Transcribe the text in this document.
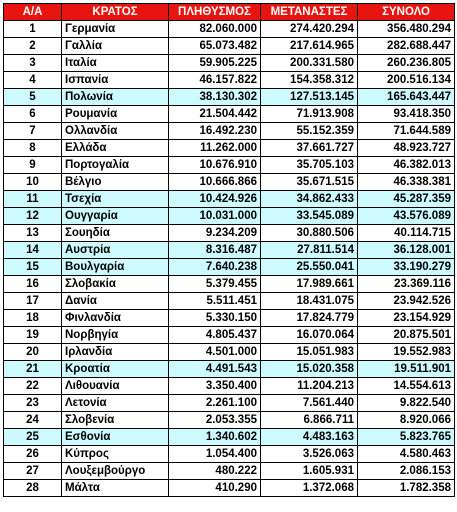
Α/Α	ΚΡΑΤΟΣ	ΠΛΗΘΥΣΜΟΣ	ΜΕΤΑΝΑΣΤΕΣ	ΣΥΝΟΛΟ
1	Γερμανία	82.060.000	274.420.294	356.480.294
2	Γαλλία	65.073.482	217.614.965	282.688.447
3	Ιταλία	59.905.225	200.331.580	260.236.805
4	Ισπανία	46.157.822	154.358.312	200.516.134
5	Πολωνία	38.130.302	127.513.145	165.643.447
6	Ρουμανία	21.504.442	71.913.908	93.418.350
7	Ολλανδία	16.492.230	55.152.359	71.644.589
8	Ελλάδα	11.262.000	37.661.727	48.923.727
9	Πορτογαλία	10.676.910	35.705.103	46.382.013
10	Βέλγιο	10.666.866	35.671.515	46.338.381
11	Τσεχία	10.424.926	34.862.433	45.287.359
12	Ουγγαρία	10.031.000	33.545.089	43.576.089
13	Σουηδία	9.234.209	30.880.506	40.114.715
14	Αυστρία	8.316.487	27.811.514	36.128.001
15	Βουλγαρία	7.640.238	25.550.041	33.190.279
16	Σλοβακία	5.379.455	17.989.661	23.369.116
17	Δανία	5.511.451	18.431.075	23.942.526
18	Φινλανδία	5.330.150	17.824.779	23.154.929
19	Νορβηγία	4.805.437	16.070.064	20.875.501
20	Ιρλανδία	4.501.000	15.051.983	19.552.983
21	Κροατία	4.491.543	15.020.358	19.511.901
22	Λιθουανία	3.350.400	11.204.213	14.554.613
23	Λετονία	2.261.100	7.561.440	9.822.540
24	Σλοβενία	2.053.355	6.866.711	8.920.066
25	Εσθονία	1.340.602	4.483.163	5.823.765
26	Κύπρος	1.054.400	3.526.063	4.580.463
27	Λουξεμβούργο	480.222	1.605.931	2.086.153
28	Μάλτα	410.290	1.372.068	1.782.358
